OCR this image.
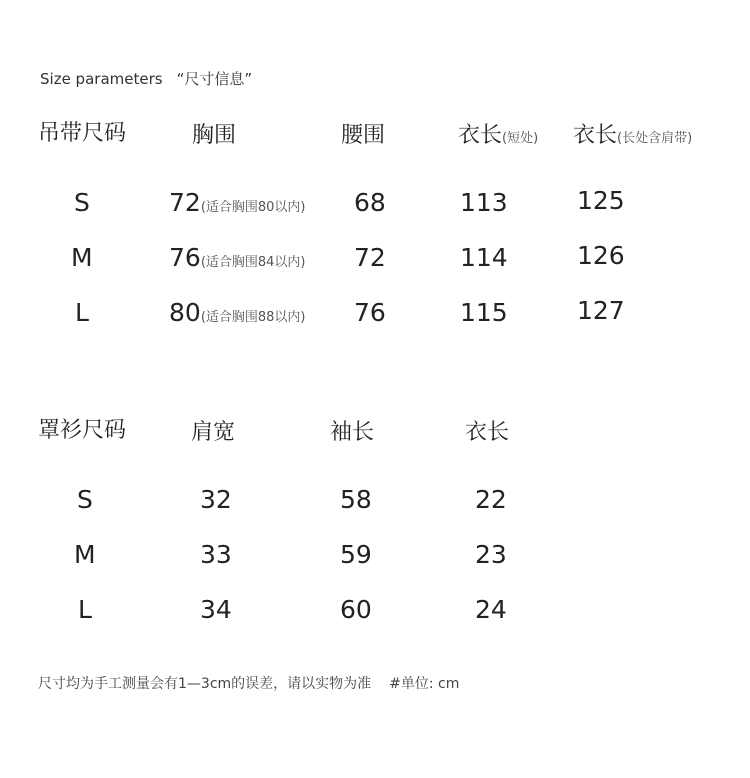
Size parameters “尺寸信息”
吊带尺码	胸围	腰围	衣长(短处) 衣长(长处含肩带)
S	72(适合胸围80以内) 68	113	125
M	76(适合胸围84以内) 72	114	126
L	80(适合胸围88以内) 76	115	127
罩衫尺码	肩宽	袖长	衣长
S	32	58	22
M	33	59	23
L	34	60	24
尺寸均为手工测量会有1—3cm的误差，请以实物为准 #单位: cm
